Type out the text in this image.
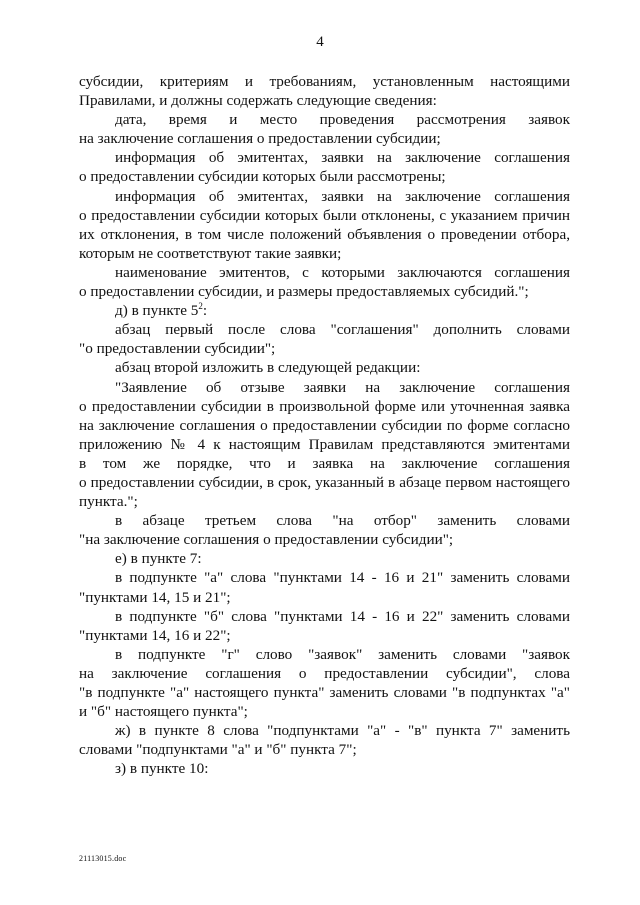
4
субсидии, критериям и требованиям, установленным настоящими
Правилами, и должны содержать следующие сведения:
дата, время и место проведения рассмотрения заявок
на заключение соглашения о предоставлении субсидии;
информация об эмитентах, заявки на заключение соглашения
о предоставлении субсидии которых были рассмотрены;
информация об эмитентах, заявки на заключение соглашения
о предоставлении субсидии которых были отклонены, с указанием причин
их отклонения, в том числе положений объявления о проведении отбора,
которым не соответствуют такие заявки;
наименование эмитентов, с которыми заключаются соглашения
о предоставлении субсидии, и размеры предоставляемых субсидий.";
д) в пункте $5^2$:
абзац первый после слова "соглашения" дополнить словами
"о предоставлении субсидии";
абзац второй изложить в следующей редакции:
"Заявление об отзыве заявки на заключение соглашения
о предоставлении субсидии в произвольной форме или уточненная заявка
на заключение соглашения о предоставлении субсидии по форме согласно
приложению № 4 к настоящим Правилам представляются эмитентами
в том же порядке, что и заявка на заключение соглашения
о предоставлении субсидии, в срок, указанный в абзаце первом настоящего
пункта.";
в абзаце третьем слова "на отбор" заменить словами
"на заключение соглашения о предоставлении субсидии";
е) в пункте 7:
в подпункте "а" слова "пунктами 14 - 16 и 21" заменить словами
"пунктами 14, 15 и 21";
в подпункте "б" слова "пунктами 14 - 16 и 22" заменить словами
"пунктами 14, 16 и 22";
в подпункте "г" слово "заявок" заменить словами "заявок
на заключение соглашения о предоставлении субсидии", слова
"в подпункте "а" настоящего пункта" заменить словами "в подпунктах "а"
и "б" настоящего пункта";
ж) в пункте 8 слова "подпунктами "а" - "в" пункта 7" заменить
словами "подпунктами "а" и "б" пункта 7";
з) в пункте 10:
21113015.doc
